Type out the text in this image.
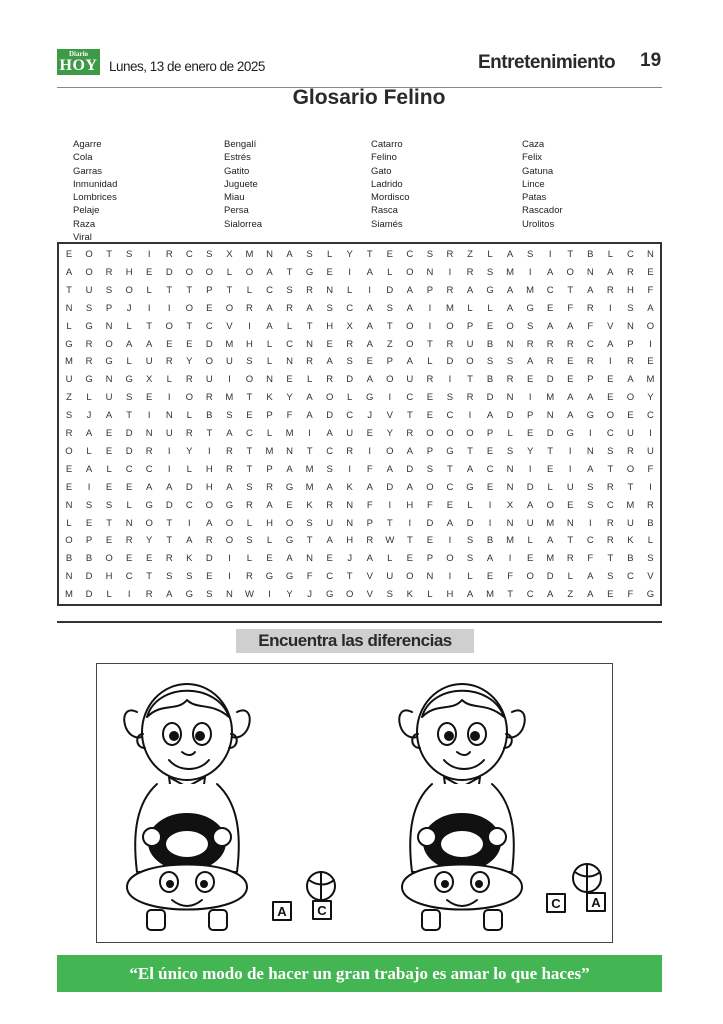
Diario
HOY Lunes, 13 de enero de 2025	Entretenimiento 19
Glosario Felino
Agarre
Cola
Garras
Inmunidad
Lombrices
Pelaje
Raza
Viral
Bengalí
Estrés
Gatito
Juguete
Miau
Persa
Sialorrea
Catarro
Felino
Gato
Ladrido
Mordisco
Rasca
Siamés
Caza
Felix
Gatuna
Lince
Patas
Rascador
Urolitos
E	O	T	S	I	R	C	S	X	M	N	A	S	L	Y	T	E	C	S	R	Z	L	A	S	I	T	B	L	C	N
A	O	R	H	E	D	O	O	L	O	A	T	G	E	I	A	L	O	N	I	R	S	M	I	A	O	N	A	R	E
T	U	S	O	L	T	T	P	T	L	C	S	R	N	L	I	D	A	P	R	A	G	A	M	C	T	A	R	H	F
N	S	P	J	I	I	O	E	O	R	A	R	A	S	C	A	S	A	I	M	L	L	A	G	E	F	R	I	S	A
L	G	N	L	T	O	T	C	V	I	A	L	T	H	X	A	T	O	I	O	P	E	O	S	A	A	F	V	N	O
G	R	O	A	A	E	E	D	M	H	L	C	N	E	R	A	Z	O	T	R	U	B	N	R	R	R	C	A	P	I
M	R	G	L	U	R	Y	O	U	S	L	N	R	A	S	E	P	A	L	D	O	S	S	A	R	E	R	I	R	E
U	G	N	G	X	L	R	U	I	O	N	E	L	R	D	A	O	U	R	I	T	B	R	E	D	E	P	E	A	M
Z	L	U	S	E	I	O	R	M	T	K	Y	A	O	L	G	I	C	E	S	R	D	N	I	M	A	A	E	O	Y
S	J	A	T	I	N	L	B	S	E	P	F	A	D	C	J	V	T	E	C	I	A	D	P	N	A	G	O	E	C
R	A	E	D	N	U	R	T	A	C	L	M	I	A	U	E	Y	R	O	O	O	P	L	E	D	G	I	C	U	I
O	L	E	D	R	I	Y	I	R	T	M	N	T	C	R	I	O	A	P	G	T	E	S	Y	T	I	N	S	R	U
E	A	L	C	C	I	L	H	R	T	P	A	M	S	I	F	A	D	S	T	A	C	N	I	E	I	A	T	O	F
E	I	E	E	A	A	D	H	A	S	R	G	M	A	K	A	D	A	O	C	G	E	N	D	L	U	S	R	T	I
N	S	S	L	G	D	C	O	G	R	A	E	K	R	N	F	I	H	F	E	L	I	X	A	O	E	S	C	M	R
L	E	T	N	O	T	I	A	O	L	H	O	S	U	N	P	T	I	D	A	D	I	N	U	M	N	I	R	U	B
O	P	E	R	Y	T	A	R	O	S	L	G	T	A	H	R	W	T	E	I	S	B	M	L	A	T	C	R	K	L
B	B	O	E	E	R	K	D	I	L	E	A	N	E	J	A	L	E	P	O	S	A	I	E	M	R	F	T	B	S
N	D	H	C	T	S	S	E	I	R	G	G	F	C	T	V	U	O	N	I	L	E	F	O	D	L	A	S	C	V
M	D	L	I	R	A	G	S	N	W	I	Y	J	G	O	V	S	K	L	H	A	M	T	C	A	Z	A	E	F	G
Encuentra las diferencias
A C	C A
“El único modo de hacer un gran trabajo es amar lo que haces”
